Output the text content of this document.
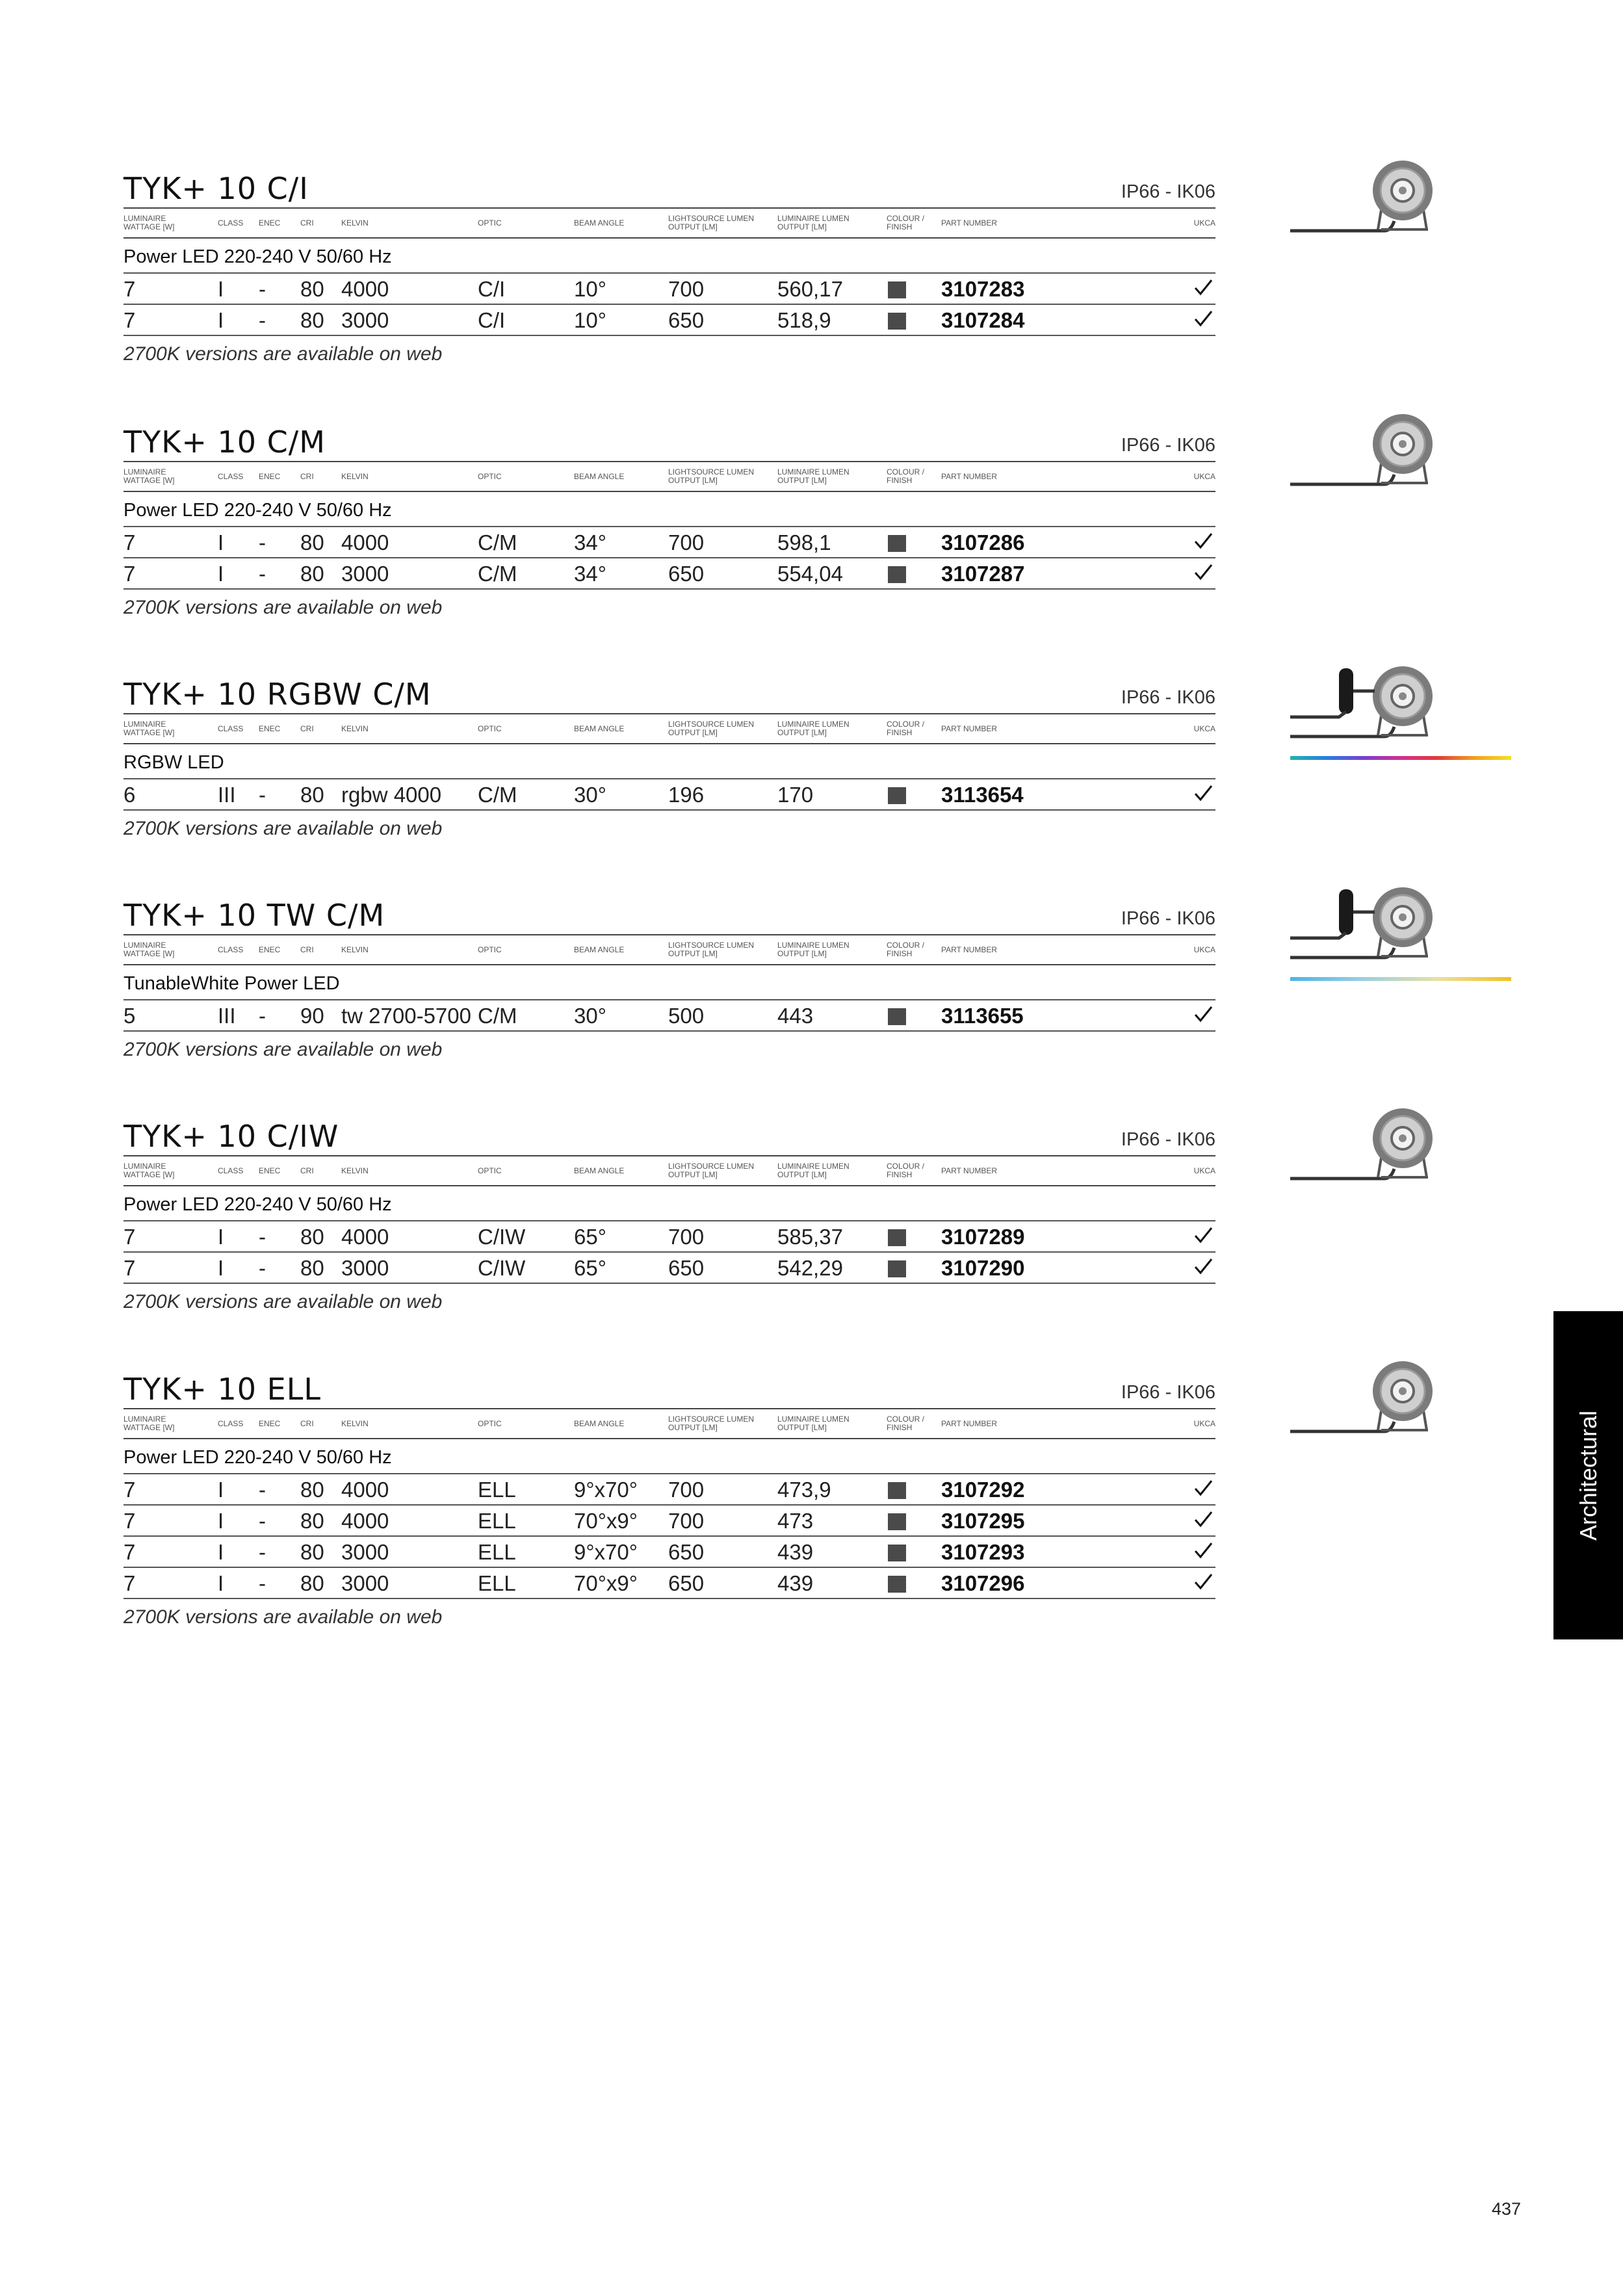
TYK+ 10 C/I	IP66 - IK06
LUMINAIRE
WATTAGE [W]	CLASS ENEC	CRI	KELVIN	OPTIC	BEAM ANGLE	LIGHTSOURCE LUMEN
OUTPUT [LM]
LUMINAIRE LUMEN
OUTPUT [LM]
COLOUR /
FINISH	PART NUMBER	UKCA
Power LED 220-240 V 50/60 Hz
7	I - 80 4000	C/I	10°	700	560,17	3107283
7	I - 80 3000	C/I	10°	650	518,9	3107284
2700K versions are available on web
TYK+ 10 C/M	IP66 - IK06
LUMINAIRE
WATTAGE [W]	CLASS ENEC	CRI	KELVIN	OPTIC	BEAM ANGLE	LIGHTSOURCE LUMEN
OUTPUT [LM]
LUMINAIRE LUMEN
OUTPUT [LM]
COLOUR /
FINISH	PART NUMBER	UKCA
Power LED 220-240 V 50/60 Hz
7	I - 80 4000	C/M	34°	700	598,1	3107286
7	I - 80 3000	C/M	34°	650	554,04	3107287
2700K versions are available on web
TYK+ 10 RGBW C/M	IP66 - IK06
LUMINAIRE
WATTAGE [W]	CLASS ENEC	CRI	KELVIN	OPTIC	BEAM ANGLE	LIGHTSOURCE LUMEN
OUTPUT [LM]
LUMINAIRE LUMEN
OUTPUT [LM]
COLOUR /
FINISH	PART NUMBER	UKCA
RGBW LED
6	III - 80 rgbw 4000 C/M	30°	196	170	3113654
2700K versions are available on web
TYK+ 10 TW C/M	IP66 - IK06
LUMINAIRE
WATTAGE [W]	CLASS ENEC	CRI	KELVIN	OPTIC	BEAM ANGLE	LIGHTSOURCE LUMEN
OUTPUT [LM]
LUMINAIRE LUMEN
OUTPUT [LM]
COLOUR /
FINISH	PART NUMBER	UKCA
TunableWhite Power LED
5	III - 90 tw 2700-5700 C/M	30°	500	443	3113655
2700K versions are available on web
TYK+ 10 C/IW	IP66 - IK06
LUMINAIRE
WATTAGE [W]	CLASS ENEC	CRI	KELVIN	OPTIC	BEAM ANGLE	LIGHTSOURCE LUMEN
OUTPUT [LM]
LUMINAIRE LUMEN
OUTPUT [LM]
COLOUR /
FINISH	PART NUMBER	UKCA
Power LED 220-240 V 50/60 Hz
7	I - 80 4000	C/IW 65°	700	585,37	3107289
7	I - 80 3000	C/IW 65°	650	542,29	3107290
2700K versions are available on web
TYK+ 10 ELL	IP66 - IK06
LUMINAIRE
WATTAGE [W]	CLASS ENEC	CRI	KELVIN	OPTIC	BEAM ANGLE	LIGHTSOURCE LUMEN
OUTPUT [LM]
LUMINAIRE LUMEN
OUTPUT [LM]
COLOUR /
FINISH	PART NUMBER	UKCA
Power LED 220-240 V 50/60 Hz
7	I - 80 4000	ELL	9°x70° 700	473,9	3107292
7	I - 80 4000	ELL	70°x9° 700	473	3107295
7	I - 80 3000	ELL	9°x70° 650	439	3107293
7	I - 80 3000	ELL	70°x9° 650	439	3107296
2700K versions are available on web
Architectural
437
